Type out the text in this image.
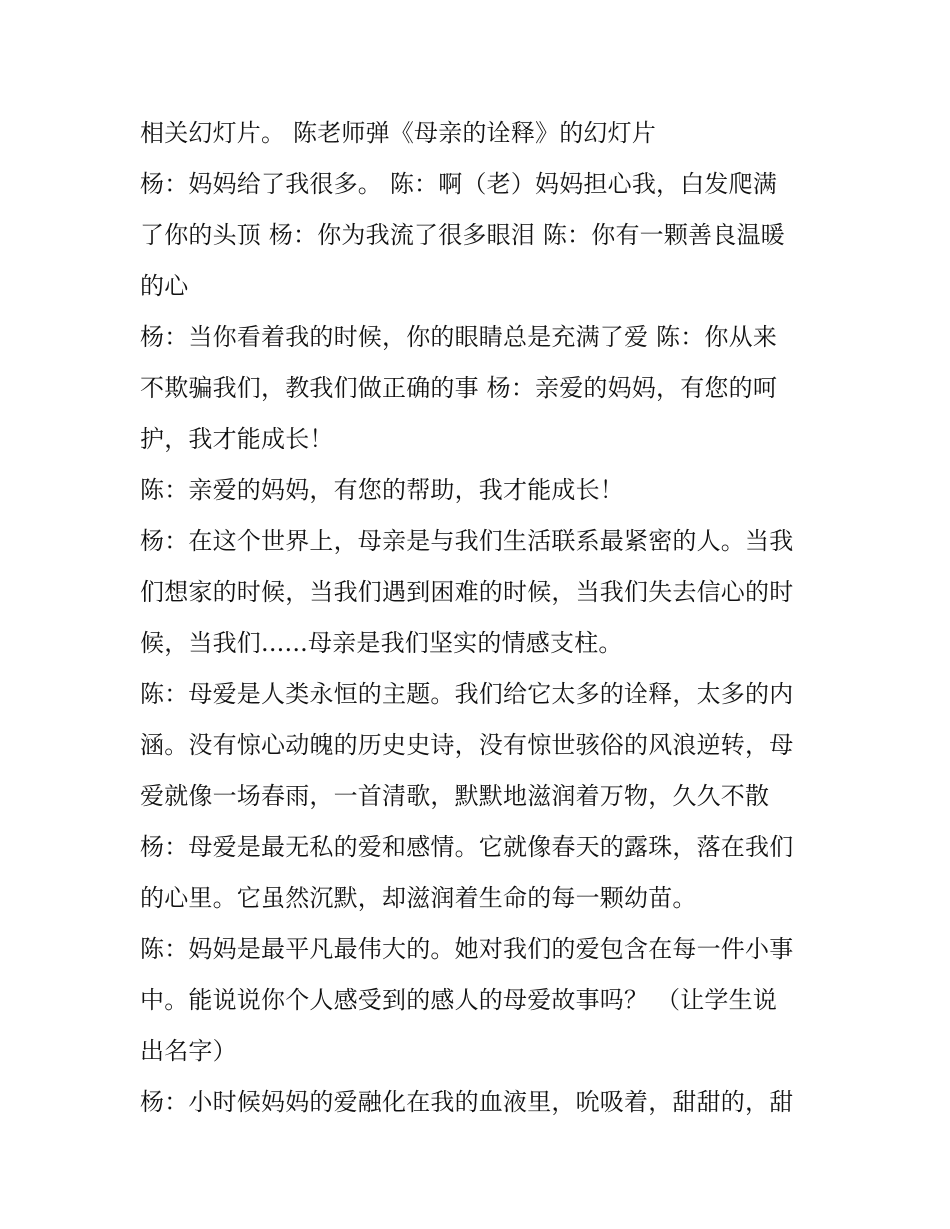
相关幻灯片。 陈老师弹《母亲的诠释》的幻灯片
杨：妈妈给了我很多。 陈：啊（老）妈妈担心我，白发爬满
了你的头顶 杨：你为我流了很多眼泪 陈：你有一颗善良温暖
的心
杨：当你看着我的时候，你的眼睛总是充满了爱 陈：你从来
不欺骗我们，教我们做正确的事 杨：亲爱的妈妈，有您的呵
护，我才能成长！
陈：亲爱的妈妈，有您的帮助，我才能成长！
杨：在这个世界上，母亲是与我们生活联系最紧密的人。当我
们想家的时候，当我们遇到困难的时候，当我们失去信心的时
候，当我们......母亲是我们坚实的情感支柱。
陈：母爱是人类永恒的主题。我们给它太多的诠释，太多的内
涵。没有惊心动魄的历史史诗，没有惊世骇俗的风浪逆转，母
爱就像一场春雨，一首清歌，默默地滋润着万物，久久不散
杨：母爱是最无私的爱和感情。它就像春天的露珠，落在我们
的心里。它虽然沉默，却滋润着生命的每一颗幼苗。
陈：妈妈是最平凡最伟大的。她对我们的爱包含在每一件小事
中。能说说你个人感受到的感人的母爱故事吗？ （让学生说
出名字）
杨：小时候妈妈的爱融化在我的血液里，吮吸着，甜甜的，甜
